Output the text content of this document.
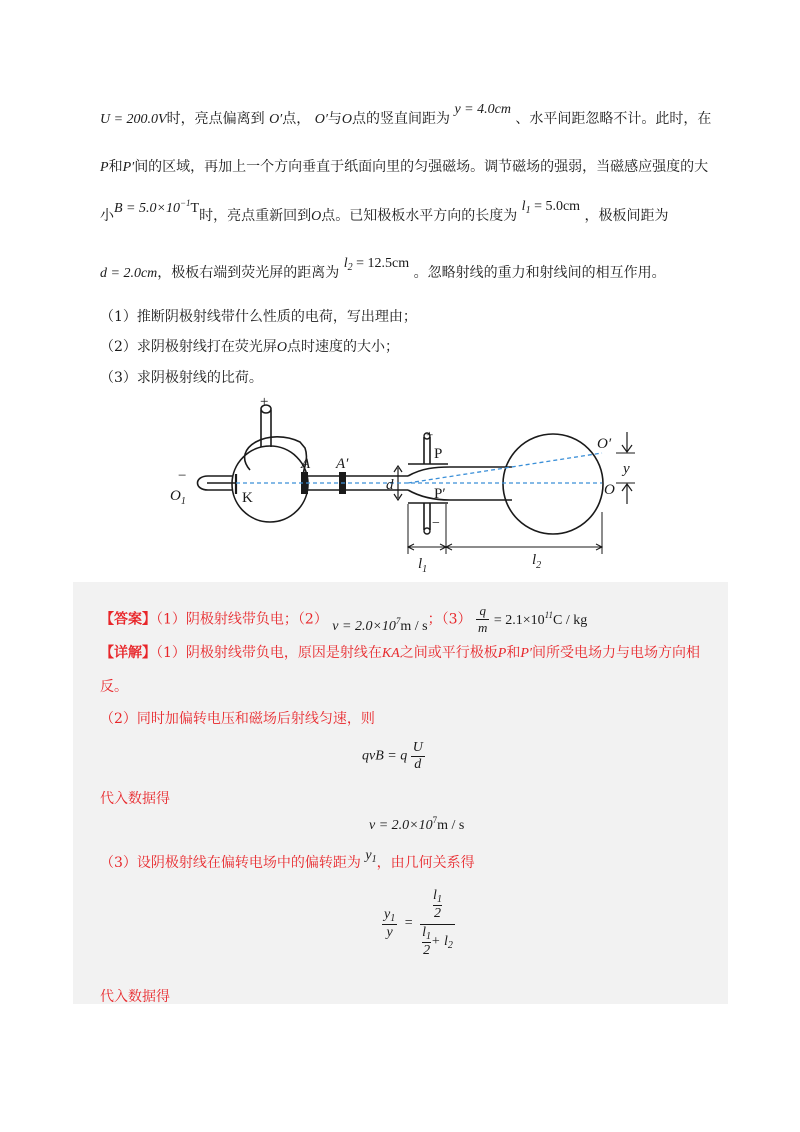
U = 200.0V时，亮点偏离到 O′点， O′与O点的竖直间距为 y = 4.0cm 、水平间距忽略不计。此时，在
P和P′间的区域，再加上一个方向垂直于纸面向里的匀强磁场。调节磁场的强弱，当磁感应强度的大
小$B = 5.0\times 10^{-1}T$时，亮点重新回到O点。已知极板水平方向的长度为 $l_1 = 5.0cm$ ，极板间距为
d = 2.0cm，极板右端到荧光屏的距离为 $l_2 = 12.5cm$ 。忽略射线的重力和射线间的相互作用。
（1）推断阴极射线带什么性质的电荷，写出理由；
（2）求阴极射线打在荧光屏O点时速度的大小；
（3）求阴极射线的比荷。
+
−
$O_1$	K
A A′
d
+
P
P′
−
O′
y
O
$l_1$
$l_2$
【答案】（1）阴极射线带负电；（2） $v = 2.0\times 10^7m / s$；$(3) \frac{q}{m} = 2.1\times 10^{11}C$ / kg
【详解】（1）阴极射线带负电，原因是射线在KA之间或平行极板P和P′间所受电场力与电场方向相
反。
（2）同时加偏转电压和磁场后射线匀速，则
qvB = q $\frac{U}{d}$
代入数据得
$v = 2.0\times 10^7m / s$
（3）设阴极射线在偏转电场中的偏转距为 $y_1$，由几何关系得
$\frac{y_1}{y} = \frac{\frac{l_1}{2}}{\frac{l_1}{2} + l_2}$
代入数据得
